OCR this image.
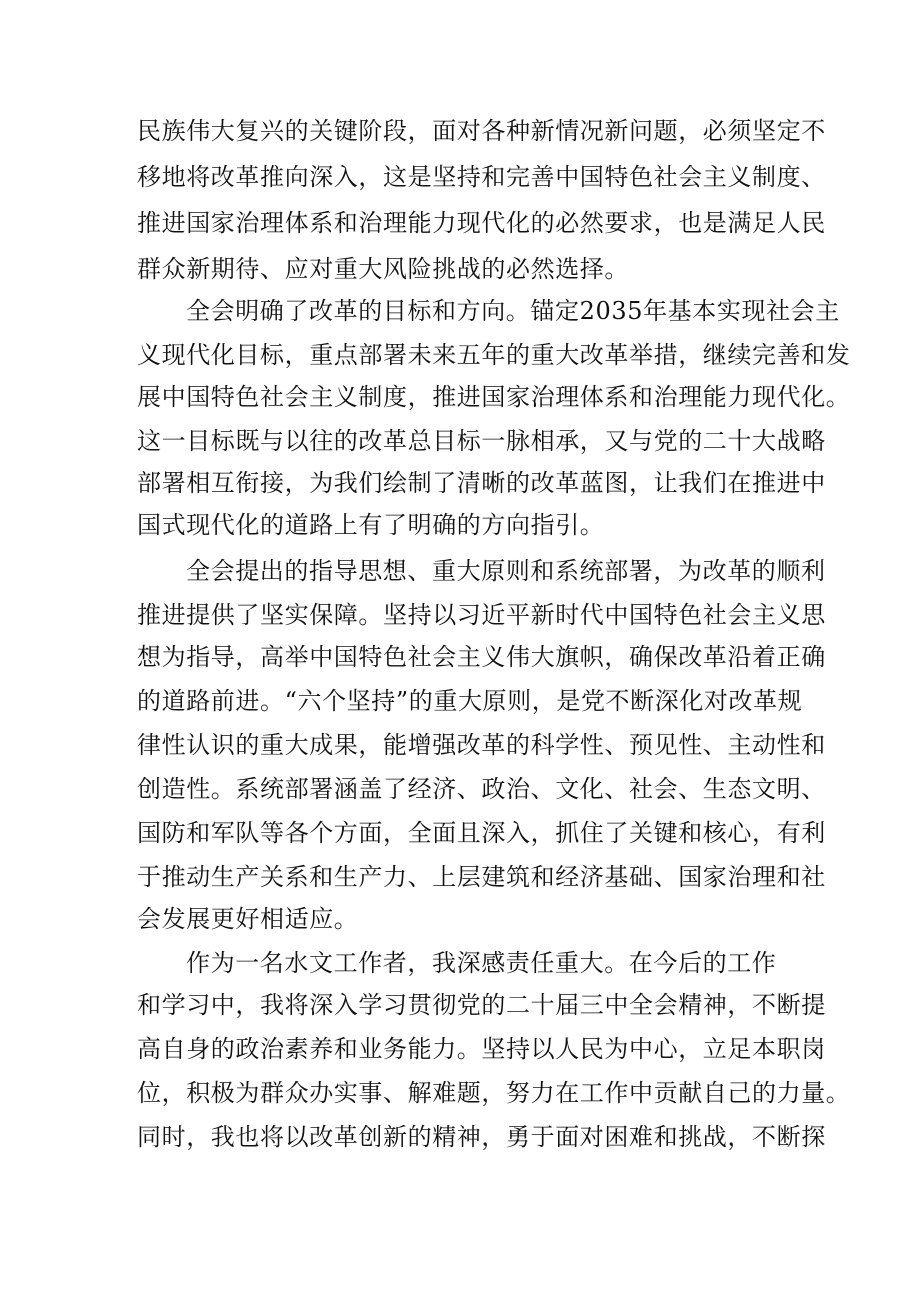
民族伟大复兴的关键阶段，面对各种新情况新问题，必须坚定不
移地将改革推向深入，这是坚持和完善中国特色社会主义制度、
推进国家治理体系和治理能力现代化的必然要求，也是满足人民
群众新期待、应对重大风险挑战的必然选择。
全会明确了改革的目标和方向。锚定2035年基本实现社会主
义现代化目标，重点部署未来五年的重大改革举措，继续完善和发
展中国特色社会主义制度，推进国家治理体系和治理能力现代化。
这一目标既与以往的改革总目标一脉相承，又与党的二十大战略
部署相互衔接，为我们绘制了清晰的改革蓝图，让我们在推进中
国式现代化的道路上有了明确的方向指引。
全会提出的指导思想、重大原则和系统部署，为改革的顺利
推进提供了坚实保障。坚持以习近平新时代中国特色社会主义思
想为指导，高举中国特色社会主义伟大旗帜，确保改革沿着正确
的道路前进。“六个坚持”的重大原则，是党不断深化对改革规
律性认识的重大成果，能增强改革的科学性、预见性、主动性和
创造性。系统部署涵盖了经济、政治、文化、社会、生态文明、
国防和军队等各个方面，全面且深入，抓住了关键和核心，有利
于推动生产关系和生产力、上层建筑和经济基础、国家治理和社
会发展更好相适应。
作为一名水文工作者，我深感责任重大。在今后的工作
和学习中，我将深入学习贯彻党的二十届三中全会精神，不断提
高自身的政治素养和业务能力。坚持以人民为中心，立足本职岗
位，积极为群众办实事、解难题，努力在工作中贡献自己的力量。
同时，我也将以改革创新的精神，勇于面对困难和挑战，不断探
